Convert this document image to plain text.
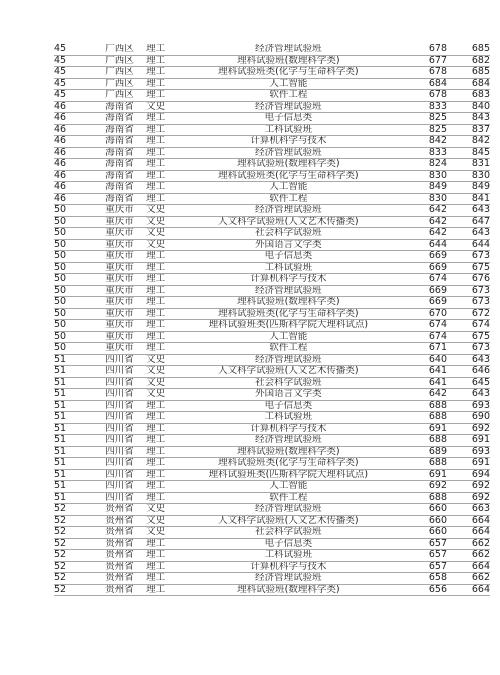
45	广西区	理工	经济管理试验班	678	685
45	广西区	理工	理科试验班(数理科学类)	677	682
45	广西区	理工	理科试验班类(化学与生命科学类)	678	685
45	广西区	理工	人工智能	684	684
45	广西区	理工	软件工程	678	683
46	海南省	文史	经济管理试验班	833	840
46	海南省	理工	电子信息类	825	843
46	海南省	理工	工科试验班	825	837
46	海南省	理工	计算机科学与技术	842	842
46	海南省	理工	经济管理试验班	833	845
46	海南省	理工	理科试验班(数理科学类)	824	831
46	海南省	理工	理科试验班类(化学与生命科学类)	830	830
46	海南省	理工	人工智能	849	849
46	海南省	理工	软件工程	830	841
50	重庆市	文史	经济管理试验班	642	643
50	重庆市	文史	人文科学试验班(人文艺术传播类)	642	647
50	重庆市	文史	社会科学试验班	642	643
50	重庆市	文史	外国语言文学类	644	644
50	重庆市	理工	电子信息类	669	673
50	重庆市	理工	工科试验班	669	675
50	重庆市	理工	计算机科学与技术	674	676
50	重庆市	理工	经济管理试验班	669	673
50	重庆市	理工	理科试验班(数理科学类)	669	673
50	重庆市	理工	理科试验班类(化学与生命科学类)	670	672
50	重庆市	理工	理科试验班类(匹斯科学院大理科试点)	674	674
50	重庆市	理工	人工智能	674	675
50	重庆市	理工	软件工程	671	673
51	四川省	文史	经济管理试验班	640	643
51	四川省	文史	人文科学试验班(人文艺术传播类)	641	646
51	四川省	文史	社会科学试验班	641	645
51	四川省	文史	外国语言文学类	642	643
51	四川省	理工	电子信息类	688	693
51	四川省	理工	工科试验班	688	690
51	四川省	理工	计算机科学与技术	691	692
51	四川省	理工	经济管理试验班	688	691
51	四川省	理工	理科试验班(数理科学类)	689	693
51	四川省	理工	理科试验班类(化学与生命科学类)	688	691
51	四川省	理工	理科试验班类(匹斯科学院大理科试点)	691	694
51	四川省	理工	人工智能	692	692
51	四川省	理工	软件工程	688	692
52	贵州省	文史	经济管理试验班	660	663
52	贵州省	文史	人文科学试验班(人文艺术传播类)	660	664
52	贵州省	文史	社会科学试验班	660	664
52	贵州省	理工	电子信息类	657	662
52	贵州省	理工	工科试验班	657	662
52	贵州省	理工	计算机科学与技术	657	664
52	贵州省	理工	经济管理试验班	658	662
52	贵州省	理工	理科试验班(数理科学类)	656	664
